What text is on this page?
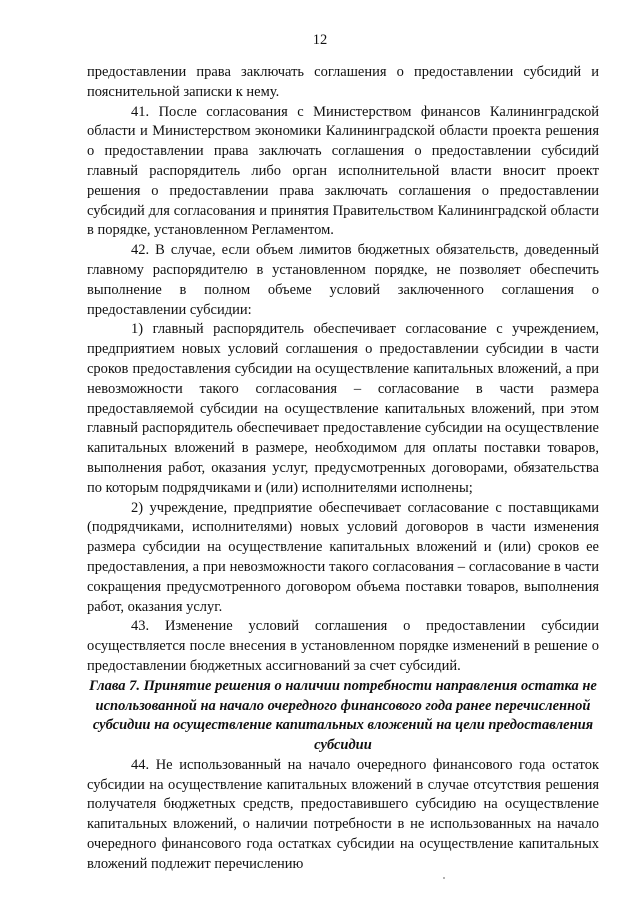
12

предоставлении права заключать соглашения о предоставлении субсидий и пояснительной записки к нему.

41. После согласования с Министерством финансов Калининградской области и Министерством экономики Калининградской области проекта решения о предоставлении права заключать соглашения о предоставлении субсидий главный распорядитель либо орган исполнительной власти вносит проект решения о предоставлении права заключать соглашения о предоставлении субсидий для согласования и принятия Правительством Калининградской области в порядке, установленном Регламентом.

42. В случае, если объем лимитов бюджетных обязательств, доведенный главному распорядителю в установленном порядке, не позволяет обеспечить выполнение в полном объеме условий заключенного соглашения о предоставлении субсидии:

1) главный распорядитель обеспечивает согласование с учреждением, предприятием новых условий соглашения о предоставлении субсидии в части сроков предоставления субсидии на осуществление капитальных вложений, а при невозможности такого согласования – согласование в части размера предоставляемой субсидии на осуществление капитальных вложений, при этом главный распорядитель обеспечивает предоставление субсидии на осуществление капитальных вложений в размере, необходимом для оплаты поставки товаров, выполнения работ, оказания услуг, предусмотренных договорами, обязательства по которым подрядчиками и (или) исполнителями исполнены;

2) учреждение, предприятие обеспечивает согласование с поставщиками (подрядчиками, исполнителями) новых условий договоров в части изменения размера субсидии на осуществление капитальных вложений и (или) сроков ее предоставления, а при невозможности такого согласования – согласование в части сокращения предусмотренного договором объема поставки товаров, выполнения работ, оказания услуг.

43. Изменение условий соглашения о предоставлении субсидии осуществляется после внесения в установленном порядке изменений в решение о предоставлении бюджетных ассигнований за счет субсидий.

Глава 7. Принятие решения о наличии потребности направления остатка не использованной на начало очередного финансового года ранее перечисленной субсидии на осуществление капитальных вложений на цели предоставления субсидии

44. Не использованный на начало очередного финансового года остаток субсидии на осуществление капитальных вложений в случае отсутствия решения получателя бюджетных средств, предоставившего субсидию на осуществление капитальных вложений, о наличии потребности в не использованных на начало очередного финансового года остатках субсидии на осуществление капитальных вложений подлежит перечислению
